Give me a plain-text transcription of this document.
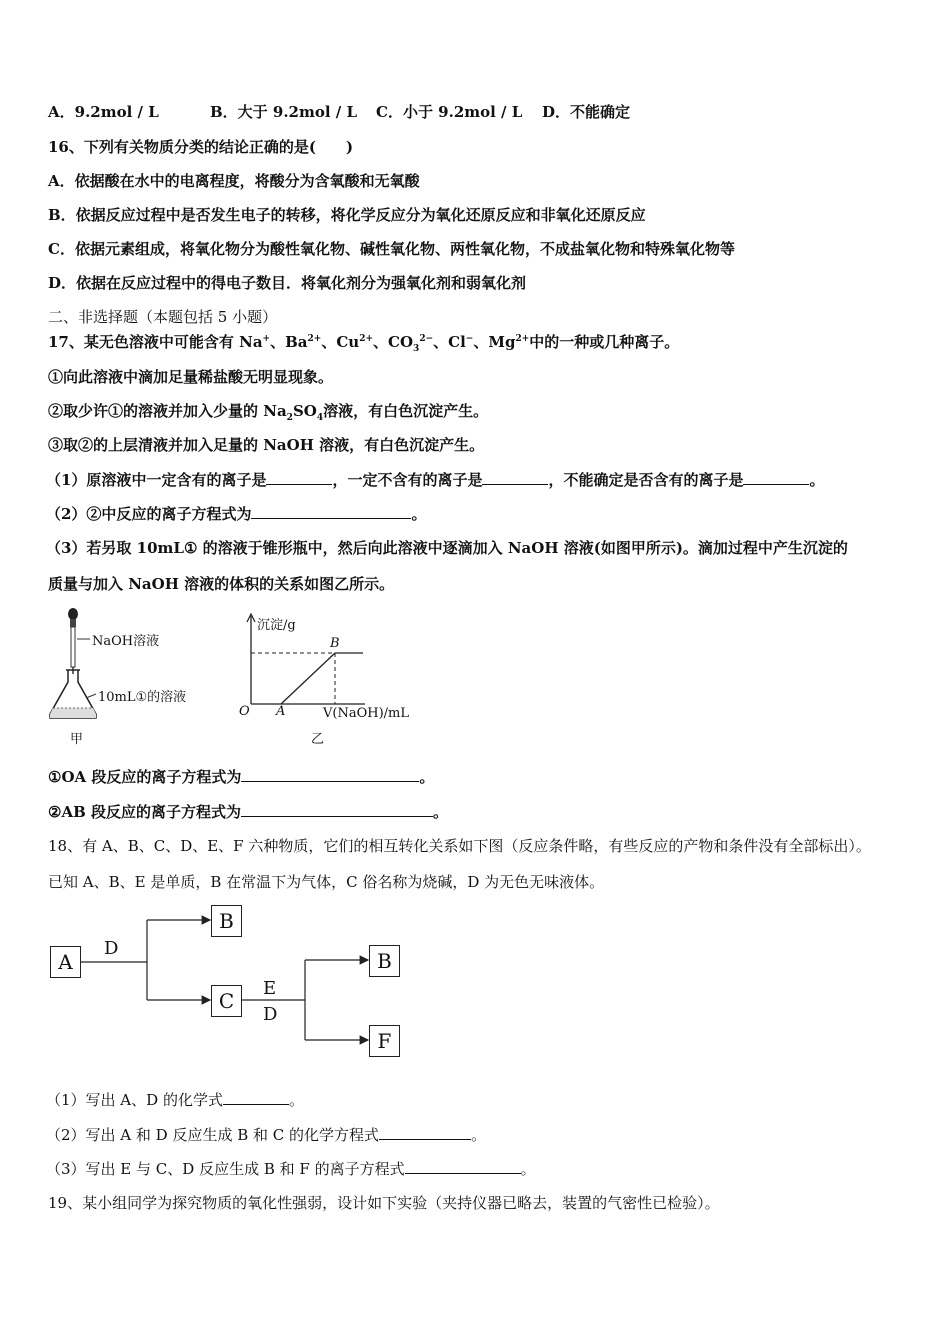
A．9.2mol / L	B．大于 9.2mol / L C．小于 9.2mol / L D．不能确定
16、下列有关物质分类的结论正确的是(　　)
A．依据酸在水中的电离程度，将酸分为含氧酸和无氧酸
B．依据反应过程中是否发生电子的转移，将化学反应分为氧化还原反应和非氧化还原反应
C．依据元素组成，将氧化物分为酸性氧化物、碱性氧化物、两性氧化物，不成盐氧化物和特殊氧化物等
D．依据在反应过程中的得电子数目．将氧化剂分为强氧化剂和弱氧化剂
二、非选择题（本题包括 5 小题）
17、某无色溶液中可能含有 Na+、$Ba^{2+}$、$Cu^{2+}$、$CO_3^{2-}$、Cl−、$Mg^{2+}$中的一种或几种离子。
①向此溶液中滴加足量稀盐酸无明显现象。
②取少许①的溶液并加入少量的 $Na_2SO_4$溶液，有白色沉淀产生。
③取②的上层清液并加入足量的 NaOH 溶液，有白色沉淀产生。
（1）原溶液中一定含有的离子是	，一定不含有的离子是	，不能确定是否含有的离子是	。
（2）②中反应的离子方程式为	。
（3）若另取 10mL① 的溶液于锥形瓶中，然后向此溶液中逐滴加入 NaOH 溶液(如图甲所示)。滴加过程中产生沉淀的
质量与加入 NaOH 溶液的体积的关系如图乙所示。
NaOH溶液
10mL①的溶液
甲
沉淀/g
B
O A	V(NaOH)/mL
乙
①OA 段反应的离子方程式为	。
②AB 段反应的离子方程式为	。
18、有 A、B、C、D、E、F 六种物质，它们的相互转化关系如下图（反应条件略，有些反应的产物和条件没有全部标出）。
已知 A、B、E 是单质，B 在常温下为气体，C 俗名称为烧碱，D 为无色无味液体。
A
D
B
C
E
D
B
F
（1）写出 A、D 的化学式	。
（2）写出 A 和 D 反应生成 B 和 C 的化学方程式	。
（3）写出 E 与 C、D 反应生成 B 和 F 的离子方程式	。
19、某小组同学为探究物质的氧化性强弱，设计如下实验（夹持仪器已略去，装置的气密性已检验）。
